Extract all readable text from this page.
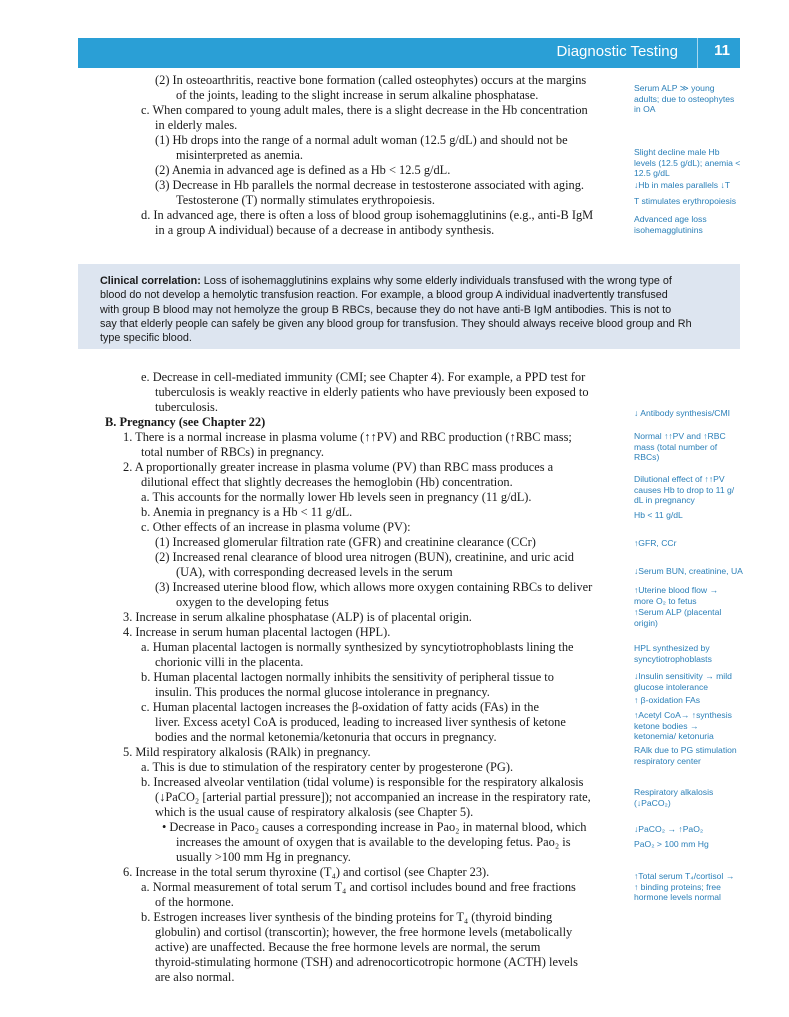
Diagnostic Testing 11
(2) In osteoarthritis, reactive bone formation (called osteophytes) occurs at the margins
of the joints, leading to the slight increase in serum alkaline phosphatase.
c. When compared to young adult males, there is a slight decrease in the Hb concentration
in elderly males.
(1) Hb drops into the range of a normal adult woman (12.5 g/dL) and should not be
misinterpreted as anemia.
(2) Anemia in advanced age is defined as a Hb < 12.5 g/dL.
(3) Decrease in Hb parallels the normal decrease in testosterone associated with aging.
Testosterone (T) normally stimulates erythropoiesis.
d. In advanced age, there is often a loss of blood group isohemagglutinins (e.g., anti-B IgM
in a group A individual) because of a decrease in antibody synthesis.
Clinical correlation: Loss of isohemagglutinins explains why some elderly individuals transfused with the wrong type of
blood do not develop a hemolytic transfusion reaction. For example, a blood group A individual inadvertently transfused
with group B blood may not hemolyze the group B RBCs, because they do not have anti-B IgM antibodies. This is not to
say that elderly people can safely be given any blood group for transfusion. They should always receive blood group and Rh
type specific blood.
e. Decrease in cell-mediated immunity (CMI; see Chapter 4). For example, a PPD test for
tuberculosis is weakly reactive in elderly patients who have previously been exposed to
tuberculosis.
B. Pregnancy (see Chapter 22)
1. There is a normal increase in plasma volume (↑↑PV) and RBC production (↑RBC mass;
total number of RBCs) in pregnancy.
2. A proportionally greater increase in plasma volume (PV) than RBC mass produces a
dilutional effect that slightly decreases the hemoglobin (Hb) concentration.
a. This accounts for the normally lower Hb levels seen in pregnancy (11 g/dL).
b. Anemia in pregnancy is a Hb < 11 g/dL.
c. Other effects of an increase in plasma volume (PV):
(1) Increased glomerular filtration rate (GFR) and creatinine clearance (CCr)
(2) Increased renal clearance of blood urea nitrogen (BUN), creatinine, and uric acid
(UA), with corresponding decreased levels in the serum
(3) Increased uterine blood flow, which allows more oxygen containing RBCs to deliver
oxygen to the developing fetus
3. Increase in serum alkaline phosphatase (ALP) is of placental origin.
4. Increase in serum human placental lactogen (HPL).
a. Human placental lactogen is normally synthesized by syncytiotrophoblasts lining the
chorionic villi in the placenta.
b. Human placental lactogen normally inhibits the sensitivity of peripheral tissue to
insulin. This produces the normal glucose intolerance in pregnancy.
c. Human placental lactogen increases the β-oxidation of fatty acids (FAs) in the
liver. Excess acetyl CoA is produced, leading to increased liver synthesis of ketone
bodies and the normal ketonemia/ketonuria that occurs in pregnancy.
5. Mild respiratory alkalosis (RAlk) in pregnancy.
a. This is due to stimulation of the respiratory center by progesterone (PG).
b. Increased alveolar ventilation (tidal volume) is responsible for the respiratory alkalosis
(↓PaCO₂ [arterial partial pressure]); not accompanied an increase in the respiratory rate,
which is the usual cause of respiratory alkalosis (see Chapter 5).
• Decrease in Paco₂ causes a corresponding increase in Pao₂ in maternal blood, which
increases the amount of oxygen that is available to the developing fetus. Pao₂ is
usually >100 mm Hg in pregnancy.
6. Increase in the total serum thyroxine (T₄) and cortisol (see Chapter 23).
a. Normal measurement of total serum T₄ and cortisol includes bound and free fractions
of the hormone.
b. Estrogen increases liver synthesis of the binding proteins for T₄ (thyroid binding
globulin) and cortisol (transcortin); however, the free hormone levels (metabolically
active) are unaffected. Because the free hormone levels are normal, the serum
thyroid-stimulating hormone (TSH) and adrenocorticotropic hormone (ACTH) levels
are also normal.
Serum ALP ≫ young
adults; due to osteophytes
in OA
Slight decline male Hb
levels (12.5 g/dL); anemia <
12.5 g/dL
↓Hb in males parallels ↓T
T stimulates erythropoiesis
Advanced age loss
isohemagglutinins
↓ Antibody synthesis/CMI
Normal ↑↑PV and ↑RBC
mass (total number of
RBCs)
Dilutional effect of ↑↑PV
causes Hb to drop to 11 g/
dL in pregnancy
Hb < 11 g/dL
↑GFR, CCr
↓Serum BUN, creatinine, UA
↑Uterine blood flow →
more O₂ to fetus
↑Serum ALP (placental
origin)
HPL synthesized by
syncytiotrophoblasts
↓Insulin sensitivity → mild
glucose intolerance
↑ β-oxidation FAs
↑Acetyl CoA→ ↑synthesis
ketone bodies →
ketonemia/ ketonuria
RAlk due to PG stimulation
respiratory center
Respiratory alkalosis
(↓PaCO₂)
↓PaCO₂ → ↑PaO₂
PaO₂ > 100 mm Hg
↑Total serum T₄/cortisol →
↑ binding proteins; free
hormone levels normal
